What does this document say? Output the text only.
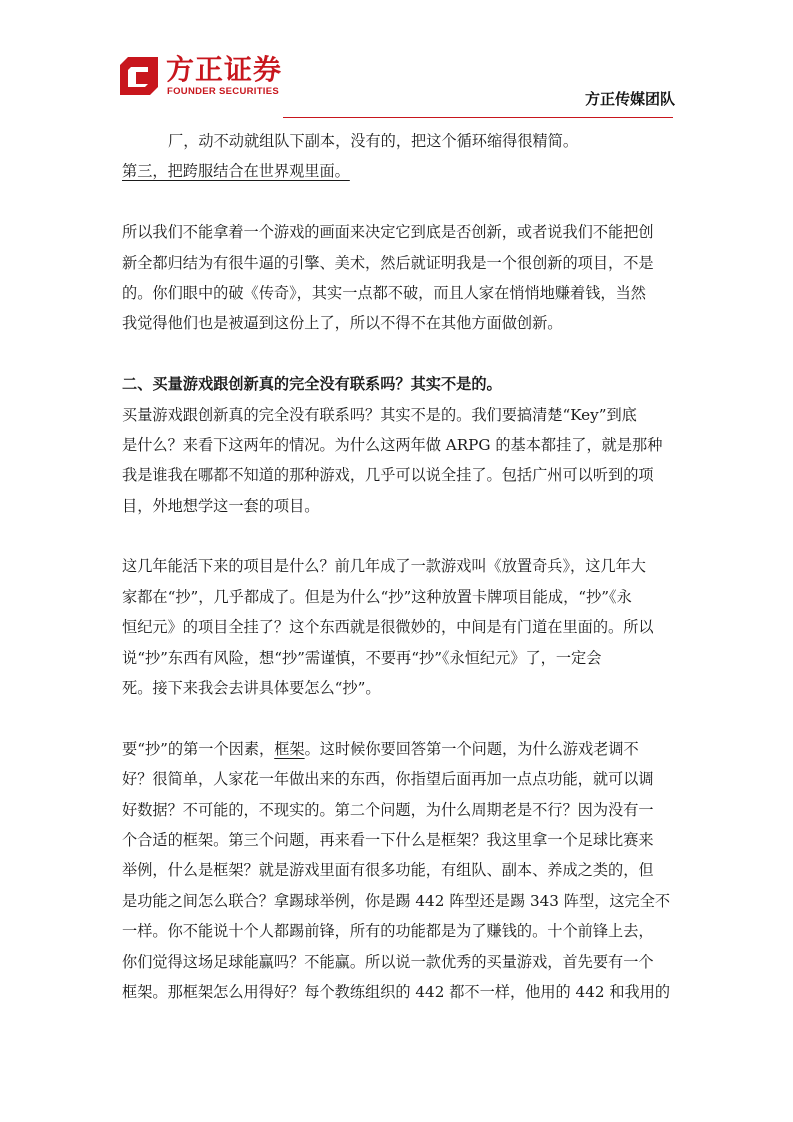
方正证券
FOUNDER SECURITIES	方正传媒团队
厂，动不动就组队下副本，没有的，把这个循环缩得很精简。
第三，把跨服结合在世界观里面。
所以我们不能拿着一个游戏的画面来决定它到底是否创新，或者说我们不能把创
新全都归结为有很牛逼的引擎、美术，然后就证明我是一个很创新的项目，不是
的。你们眼中的破《传奇》，其实一点都不破，而且人家在悄悄地赚着钱，当然
我觉得他们也是被逼到这份上了，所以不得不在其他方面做创新。
二、买量游戏跟创新真的完全没有联系吗？其实不是的。
买量游戏跟创新真的完全没有联系吗？其实不是的。我们要搞清楚“Key”到底
是什么？来看下这两年的情况。为什么这两年做 ARPG 的基本都挂了，就是那种
我是谁我在哪都不知道的那种游戏，几乎可以说全挂了。包括广州可以听到的项
目，外地想学这一套的项目。
这几年能活下来的项目是什么？前几年成了一款游戏叫《放置奇兵》，这几年大
家都在“抄”，几乎都成了。但是为什么“抄”这种放置卡牌项目能成，“抄”《永
恒纪元》的项目全挂了？这个东西就是很微妙的，中间是有门道在里面的。所以
说“抄”东西有风险，想“抄”需谨慎，不要再“抄”《永恒纪元》了，一定会
死。接下来我会去讲具体要怎么“抄”。
要“抄”的第一个因素，框架。这时候你要回答第一个问题，为什么游戏老调不
好？很简单，人家花一年做出来的东西，你指望后面再加一点点功能，就可以调
好数据？不可能的，不现实的。第二个问题，为什么周期老是不行？因为没有一
个合适的框架。第三个问题，再来看一下什么是框架？我这里拿一个足球比赛来
举例，什么是框架？就是游戏里面有很多功能，有组队、副本、养成之类的，但
是功能之间怎么联合？拿踢球举例，你是踢 442 阵型还是踢 343 阵型，这完全不
一样。你不能说十个人都踢前锋，所有的功能都是为了赚钱的。十个前锋上去，
你们觉得这场足球能赢吗？不能赢。所以说一款优秀的买量游戏，首先要有一个
框架。那框架怎么用得好？每个教练组织的 442 都不一样，他用的 442 和我用的
